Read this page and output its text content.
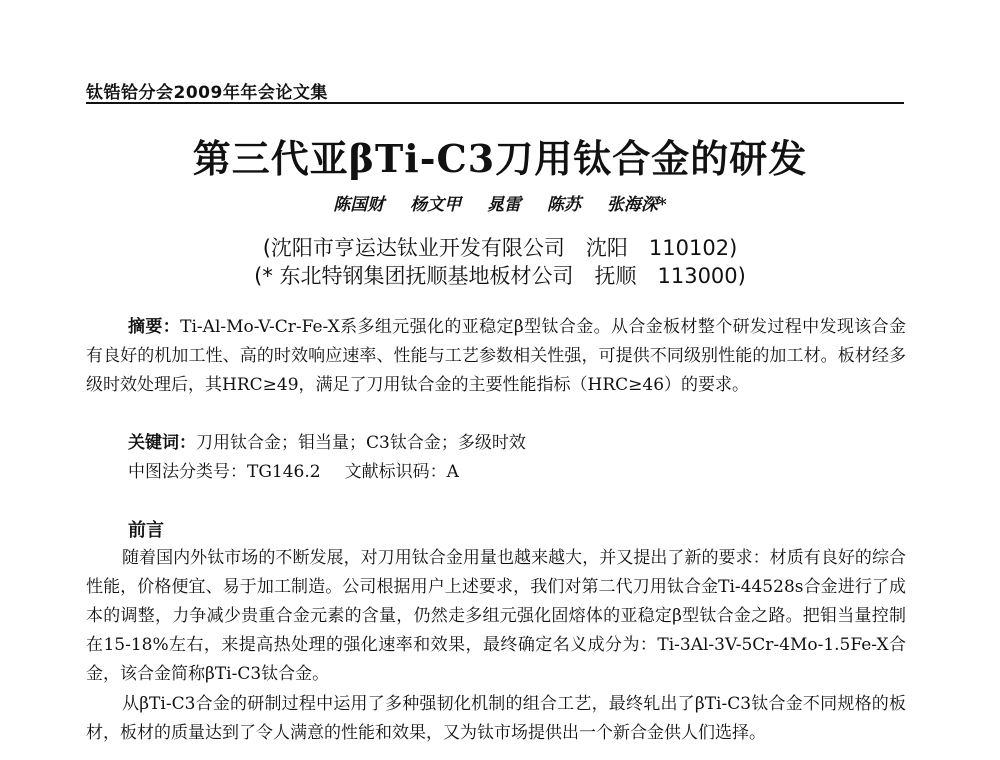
钛锆铪分会2009年年会论文集
第三代亚βTi-C3刀用钛合金的研发
陈国财 杨文甲 晁雷 陈苏 张海深*
(沈阳市亨运达钛业开发有限公司　沈阳　110102)
(* 东北特钢集团抚顺基地板材公司　抚顺　113000)
摘要：Ti-Al-Mo-V-Cr-Fe-X系多组元强化的亚稳定β型钛合金。从合金板材整个研发过程中发现该合金有良好的机加工性、高的时效响应速率、性能与工艺参数相关性强，可提供不同级别性能的加工材。板材经多级时效处理后，其HRC≥49，满足了刀用钛合金的主要性能指标（HRC≥46）的要求。
关键词：刀用钛合金；钼当量；C3钛合金；多级时效
中图法分类号：TG146.2 文献标识码：A
前言
随着国内外钛市场的不断发展，对刀用钛合金用量也越来越大，并又提出了新的要求：材质有良好的综合性能，价格便宜、易于加工制造。公司根据用户上述要求，我们对第二代刀用钛合金Ti-44528s合金进行了成本的调整，力争减少贵重合金元素的含量，仍然走多组元强化固熔体的亚稳定β型钛合金之路。把钼当量控制在15-18%左右，来提高热处理的强化速率和效果，最终确定名义成分为：Ti-3Al-3V-5Cr-4Mo-1.5Fe-X合金，该合金简称βTi-C3钛合金。
从βTi-C3合金的研制过程中运用了多种强韧化机制的组合工艺，最终轧出了βTi-C3钛合金不同规格的板材，板材的质量达到了令人满意的性能和效果，又为钛市场提供出一个新合金供人们选择。
